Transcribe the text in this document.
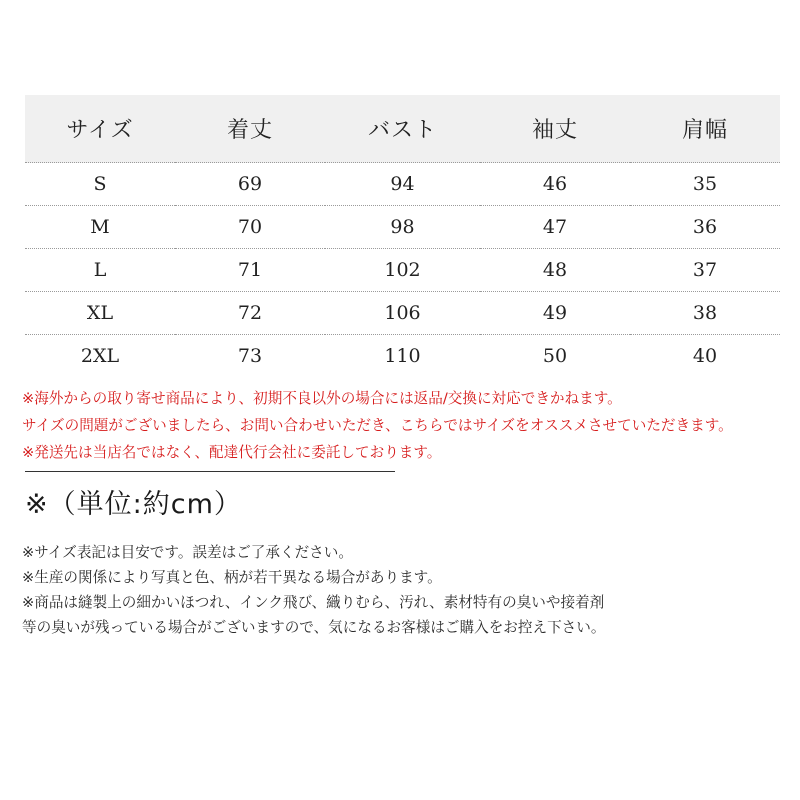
サイズ	着丈	バスト	袖丈	肩幅
S	69	94	46	35
M	70	98	47	36
L	71	102	48	37
XL	72	106	49	38
2XL	73	110	50	40
※海外からの取り寄せ商品により、初期不良以外の場合には返品/交換に対応できかねます。
サイズの問題がございましたら、お問い合わせいただき、こちらではサイズをオススメさせていただきます。
※発送先は当店名ではなく、配達代行会社に委託しております。
※（単位:約cm）
※サイズ表記は目安です。誤差はご了承ください。
※生産の関係により写真と色、柄が若干異なる場合があります。
※商品は縫製上の細かいほつれ、インク飛び、織りむら、汚れ、素材特有の臭いや接着剤
等の臭いが残っている場合がございますので、気になるお客様はご購入をお控え下さい。
